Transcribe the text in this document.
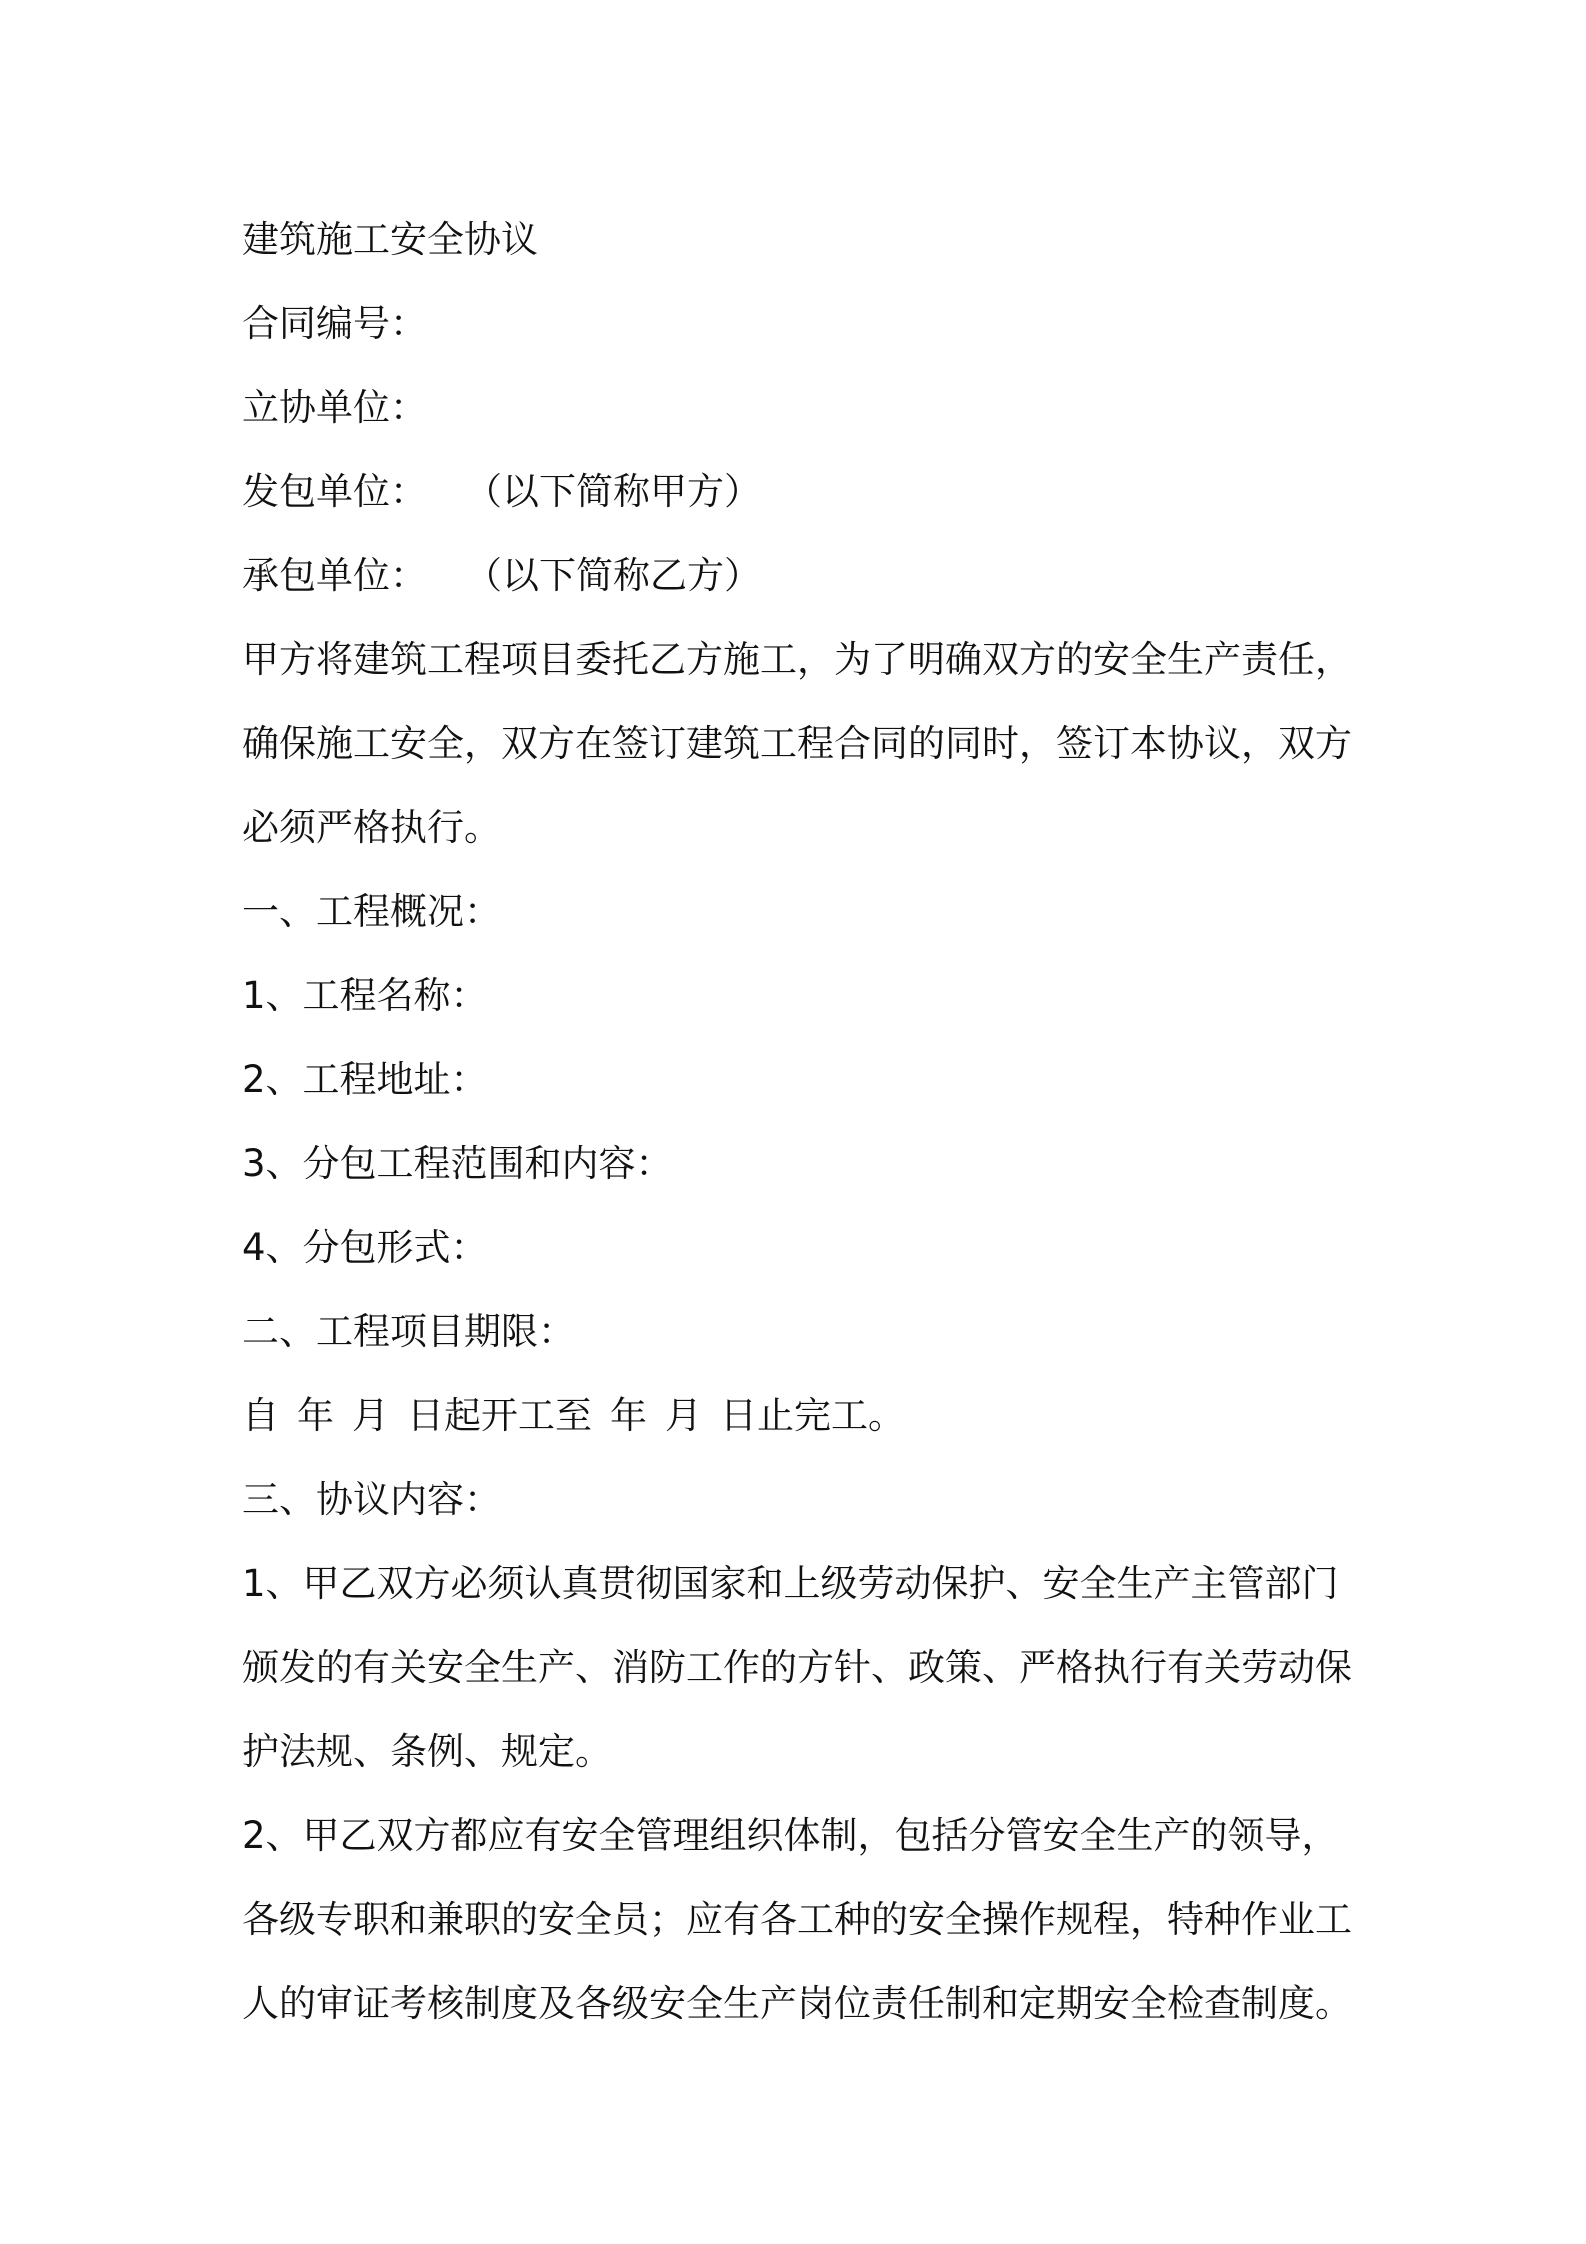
建筑施工安全协议

合同编号：

立协单位：

发包单位： （以下简称甲方）

承包单位： （以下简称乙方）

甲方将建筑工程项目委托乙方施工，为了明确双方的安全生产责任，

确保施工安全，双方在签订建筑工程合同的同时，签订本协议，双方

必须严格执行。

一、工程概况：

1、工程名称：

2、工程地址：

3、分包工程范围和内容：

4、分包形式：

二、工程项目期限：

自 年 月 日起开工至 年 月 日止完工。

三、协议内容：

1、甲乙双方必须认真贯彻国家和上级劳动保护、安全生产主管部门

颁发的有关安全生产、消防工作的方针、政策、严格执行有关劳动保

护法规、条例、规定。

2、甲乙双方都应有安全管理组织体制，包括分管安全生产的领导，

各级专职和兼职的安全员；应有各工种的安全操作规程，特种作业工

人的审证考核制度及各级安全生产岗位责任制和定期安全检查制度。
